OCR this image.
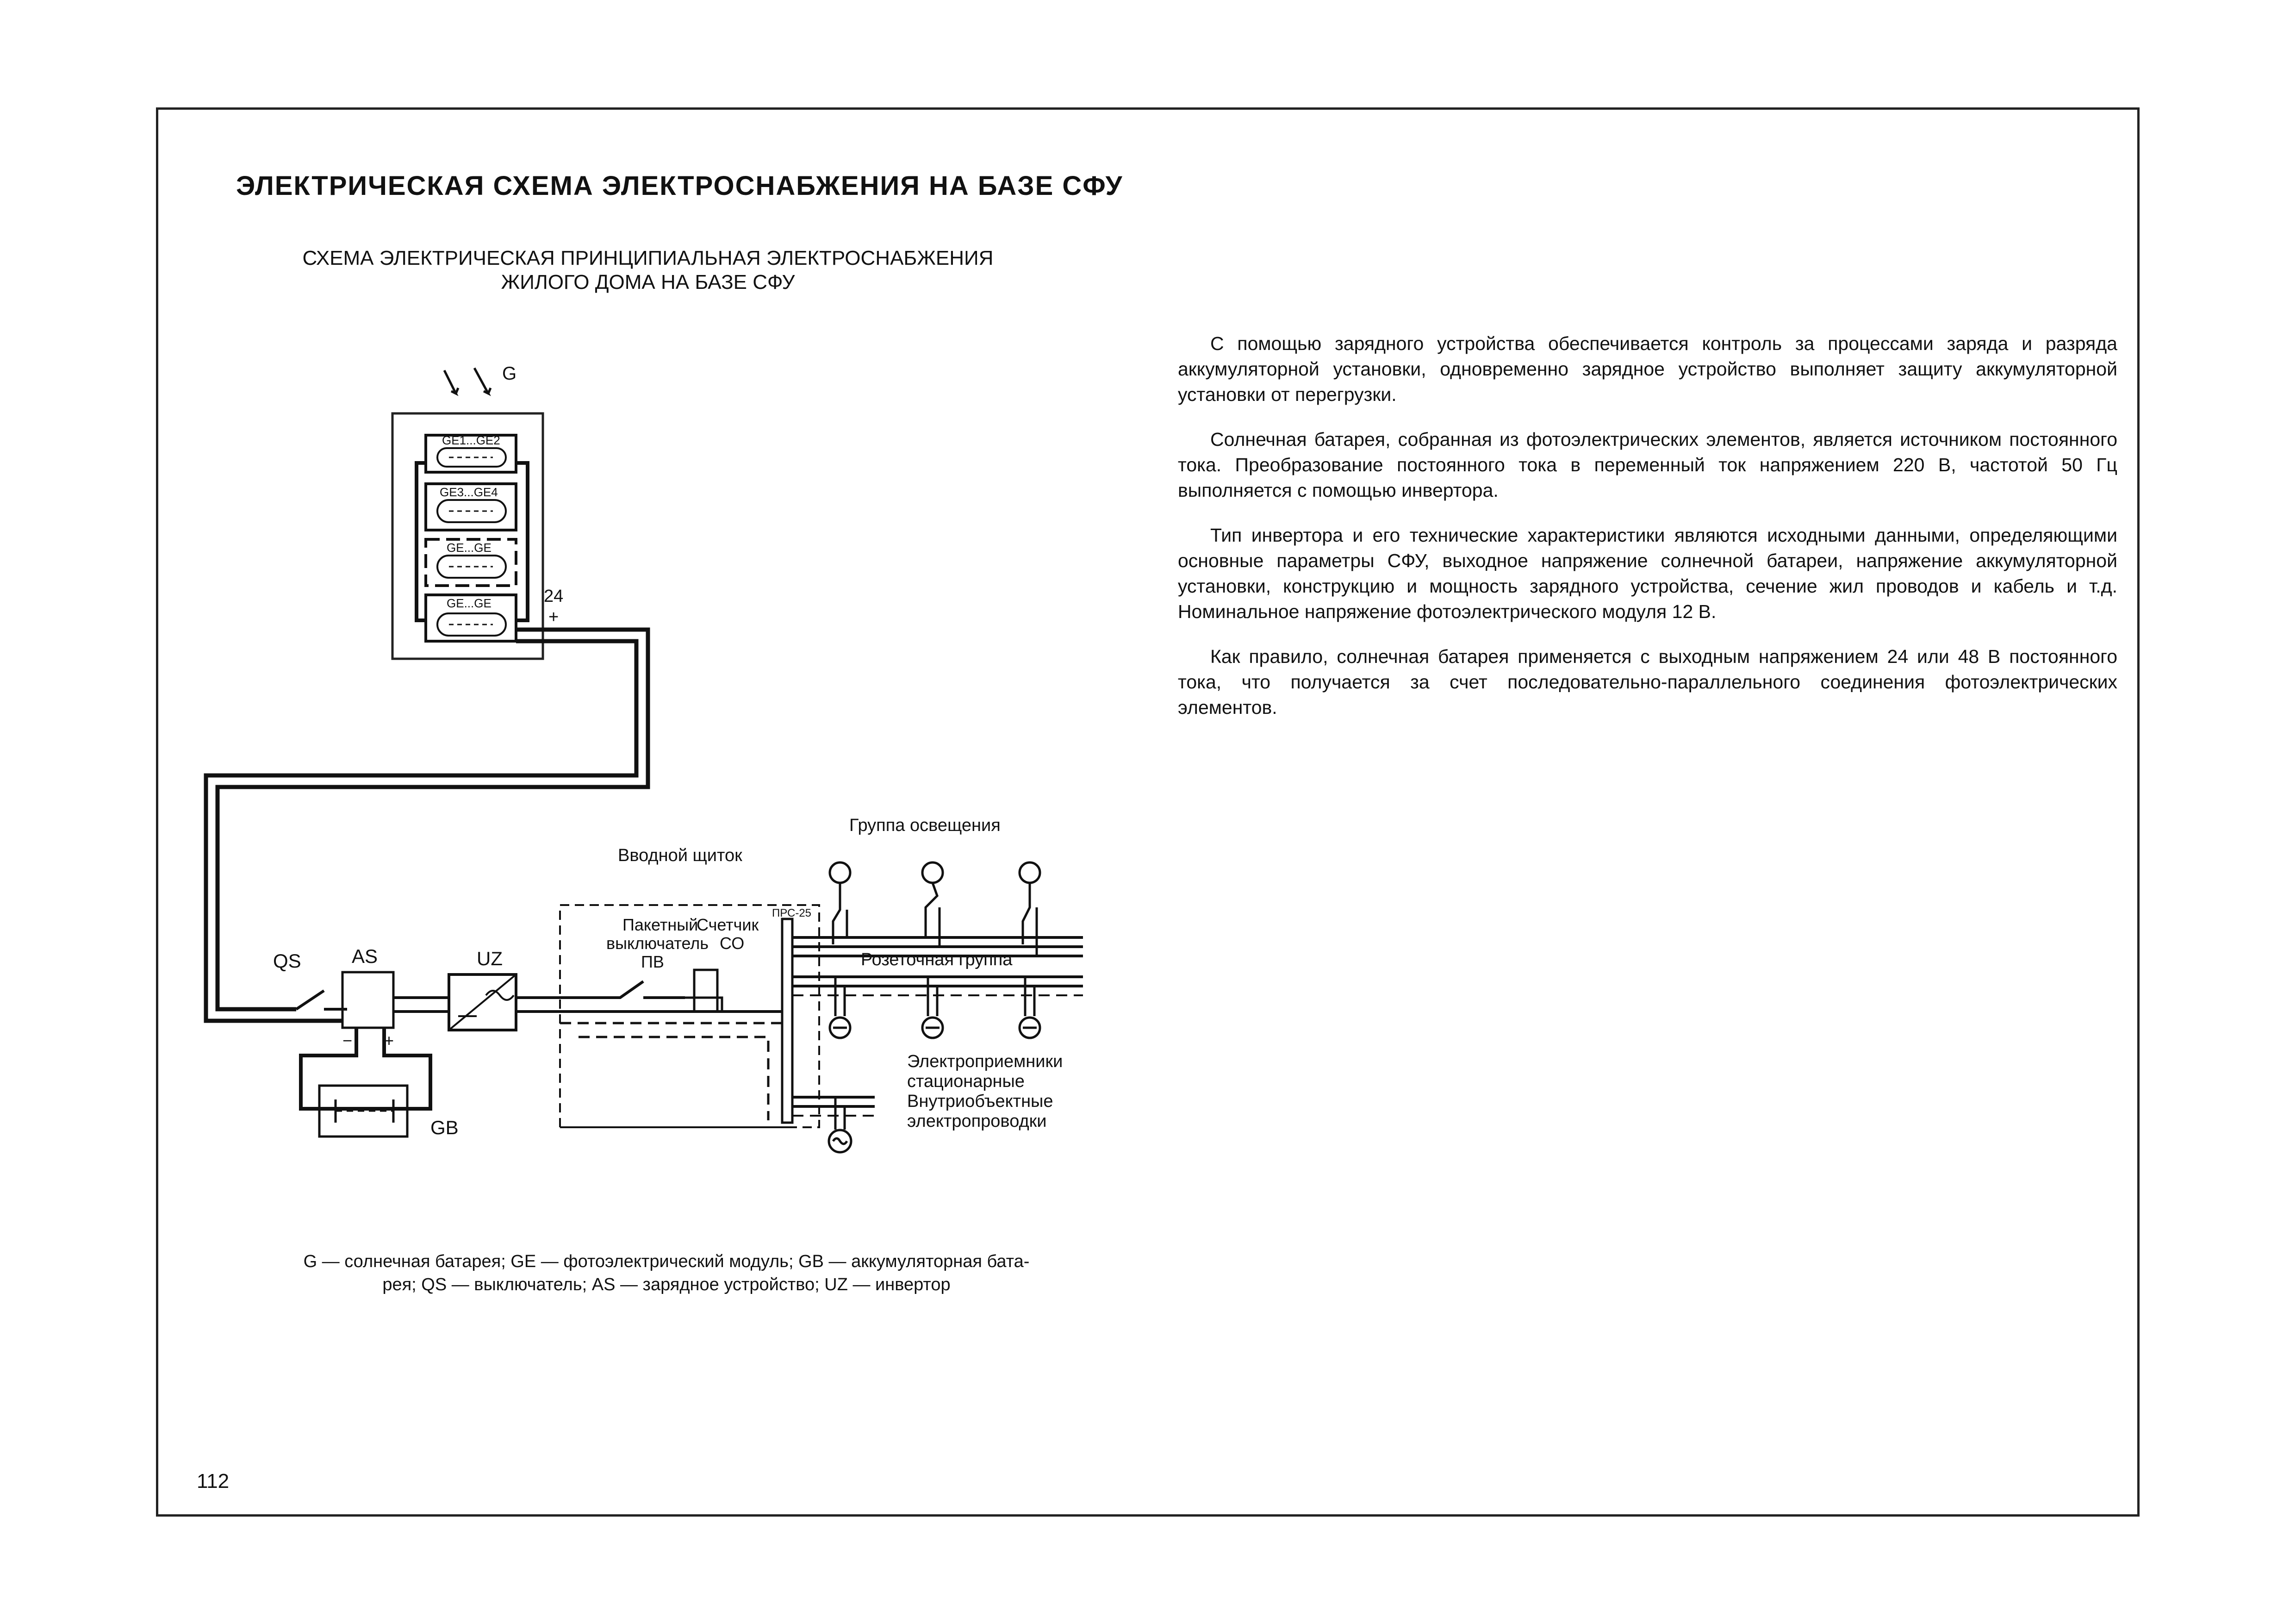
ЭЛЕКТРИЧЕСКАЯ СХЕМА ЭЛЕКТРОСНАБЖЕНИЯ НА БАЗЕ СФУ
СХЕМА ЭЛЕКТРИЧЕСКАЯ ПРИНЦИПИАЛЬНАЯ ЭЛЕКТРОСНАБЖЕНИЯ
ЖИЛОГО ДОМА НА БАЗЕ СФУ
G
GE1...GE2
GE3...GE4
GE...GE
GE...GE	24
+
−
QS	AS
− +
UZ
GB
Вводной щиток
Пакетный
выключатель
ПВ
Счетчик
СО
ПРС-25
Группа освещения
Розеточная группа
Электроприемники
стационарные
Внутриобъектные
электропроводки

С помощью зарядного устройства обеспечивается контроль за процессами заряда и разряда аккумуляторной установки, одновременно зарядное устройство выполняет защиту аккумуляторной установки от перегрузки.

Солнечная батарея, собранная из фотоэлектрических элементов, является источником постоянного тока. Преобразование постоянного тока в переменный ток напряжением 220 В, частотой 50 Гц выполняется с помощью инвертора.

Тип инвертора и его технические характеристики являются исходными данными, определяющими основные параметры СФУ, выходное напряжение солнечной батареи, напряжение аккумуляторной установки, конструкцию и мощность зарядного устройства, сечение жил проводов и кабель и т.д. Номинальное напряжение фотоэлектрического модуля 12 В.

Как правило, солнечная батарея применяется с выходным напряжением 24 или 48 В постоянного тока, что получается за счет последовательно-параллельного соединения фотоэлектрических элементов.

G — солнечная батарея; GE — фотоэлектрический модуль; GB — аккумуляторная бата-
рея; QS — выключатель; AS — зарядное устройство; UZ — инвертор
112
